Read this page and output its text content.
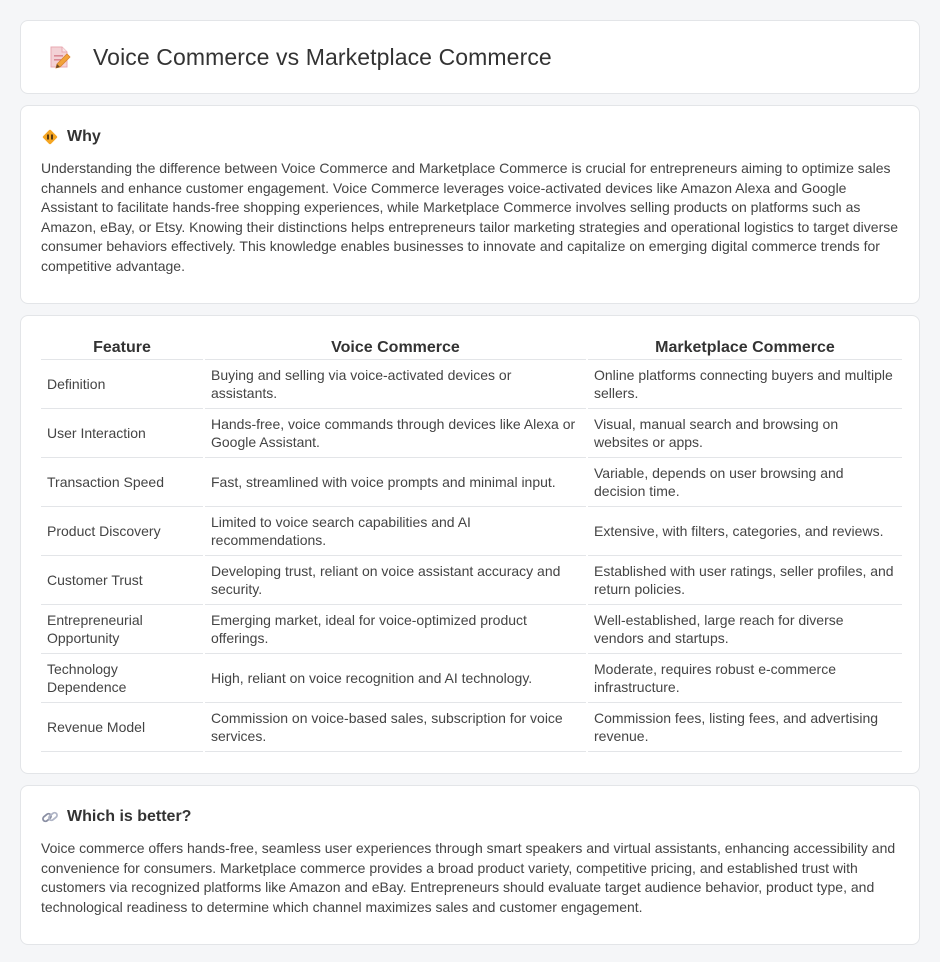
Voice Commerce vs Marketplace Commerce
Why

Understanding the difference between Voice Commerce and Marketplace Commerce is crucial for entrepreneurs aiming to optimize sales channels and enhance customer engagement. Voice Commerce leverages voice-activated devices like Amazon Alexa and Google Assistant to facilitate hands-free shopping experiences, while Marketplace Commerce involves selling products on platforms such as Amazon, eBay, or Etsy. Knowing their distinctions helps entrepreneurs tailor marketing strategies and operational logistics to target diverse consumer behaviors effectively. This knowledge enables businesses to innovate and capitalize on emerging digital commerce trends for competitive advantage.

Feature	Voice Commerce	Marketplace Commerce
Definition	Buying and selling via voice-activated devices or assistants.	Online platforms connecting buyers and multiple sellers.
User Interaction	Hands-free, voice commands through devices like Alexa or Google Assistant.	Visual, manual search and browsing on websites or apps.
Transaction Speed	Fast, streamlined with voice prompts and minimal input.	Variable, depends on user browsing and decision time.
Product Discovery	Limited to voice search capabilities and AI recommendations.	Extensive, with filters, categories, and reviews.
Customer Trust	Developing trust, reliant on voice assistant accuracy and security.	Established with user ratings, seller profiles, and return policies.
Entrepreneurial Opportunity	Emerging market, ideal for voice-optimized product offerings.	Well-established, large reach for diverse vendors and startups.
Technology Dependence	High, reliant on voice recognition and AI technology.	Moderate, requires robust e-commerce infrastructure.
Revenue Model	Commission on voice-based sales, subscription for voice services.	Commission fees, listing fees, and advertising revenue.
Which is better?

Voice commerce offers hands-free, seamless user experiences through smart speakers and virtual assistants, enhancing accessibility and convenience for consumers. Marketplace commerce provides a broad product variety, competitive pricing, and established trust with customers via recognized platforms like Amazon and eBay. Entrepreneurs should evaluate target audience behavior, product type, and technological readiness to determine which channel maximizes sales and customer engagement.
